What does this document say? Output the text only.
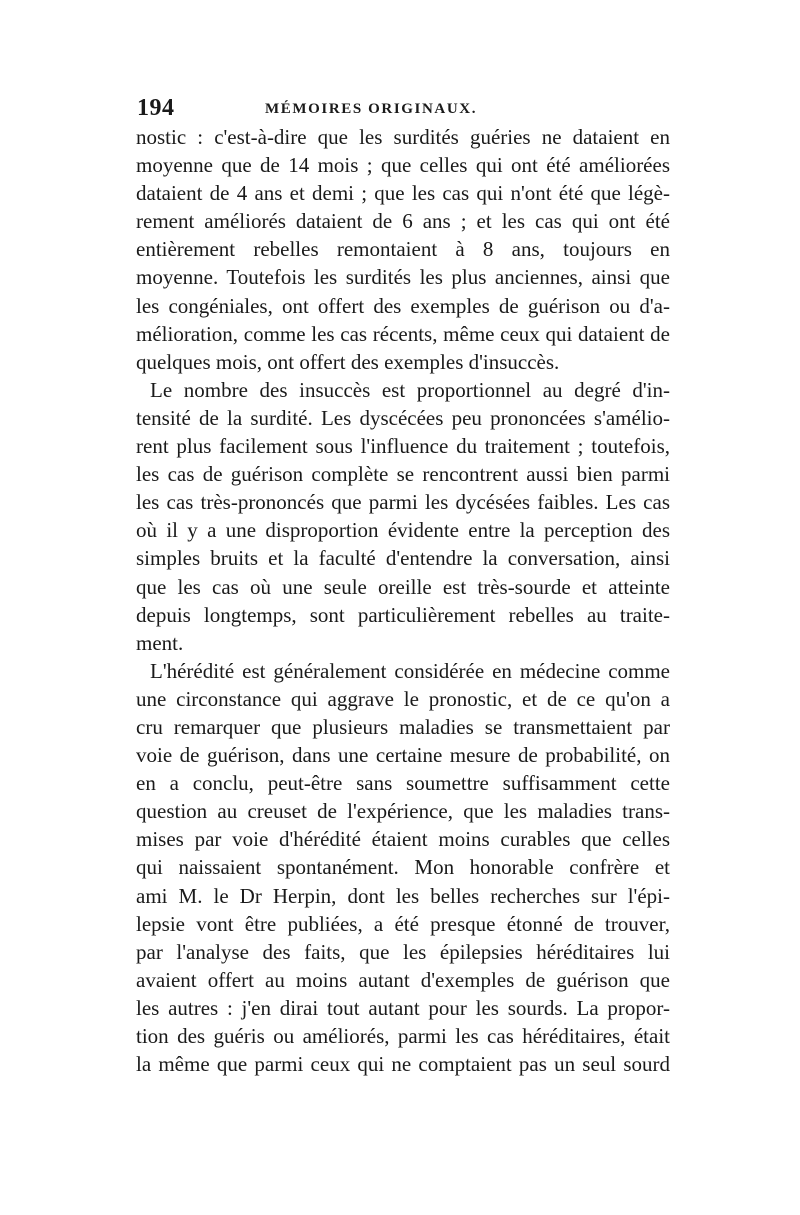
194	MÉMOIRES ORIGINAUX.
nostic : c'est-à-dire que les surdités guéries ne dataient en
moyenne que de 14 mois ; que celles qui ont été améliorées
dataient de 4 ans et demi ; que les cas qui n'ont été que légè-
rement améliorés dataient de 6 ans ; et les cas qui ont été
entièrement rebelles remontaient à 8 ans, toujours en
moyenne. Toutefois les surdités les plus anciennes, ainsi que
les congéniales, ont offert des exemples de guérison ou d'a-
mélioration, comme les cas récents, même ceux qui dataient de
quelques mois, ont offert des exemples d'insuccès.
Le nombre des insuccès est proportionnel au degré d'in-
tensité de la surdité. Les dyscécées peu prononcées s'amélio-
rent plus facilement sous l'influence du traitement ; toutefois,
les cas de guérison complète se rencontrent aussi bien parmi
les cas très-prononcés que parmi les dycésées faibles. Les cas
où il y a une disproportion évidente entre la perception des
simples bruits et la faculté d'entendre la conversation, ainsi
que les cas où une seule oreille est très-sourde et atteinte
depuis longtemps, sont particulièrement rebelles au traite-
ment.
L'hérédité est généralement considérée en médecine comme
une circonstance qui aggrave le pronostic, et de ce qu'on a
cru remarquer que plusieurs maladies se transmettaient par
voie de guérison, dans une certaine mesure de probabilité, on
en a conclu, peut-être sans soumettre suffisamment cette
question au creuset de l'expérience, que les maladies trans-
mises par voie d'hérédité étaient moins curables que celles
qui naissaient spontanément. Mon honorable confrère et
ami M. le Dr Herpin, dont les belles recherches sur l'épi-
lepsie vont être publiées, a été presque étonné de trouver,
par l'analyse des faits, que les épilepsies héréditaires lui
avaient offert au moins autant d'exemples de guérison que
les autres : j'en dirai tout autant pour les sourds. La propor-
tion des guéris ou améliorés, parmi les cas héréditaires, était
la même que parmi ceux qui ne comptaient pas un seul sourd
